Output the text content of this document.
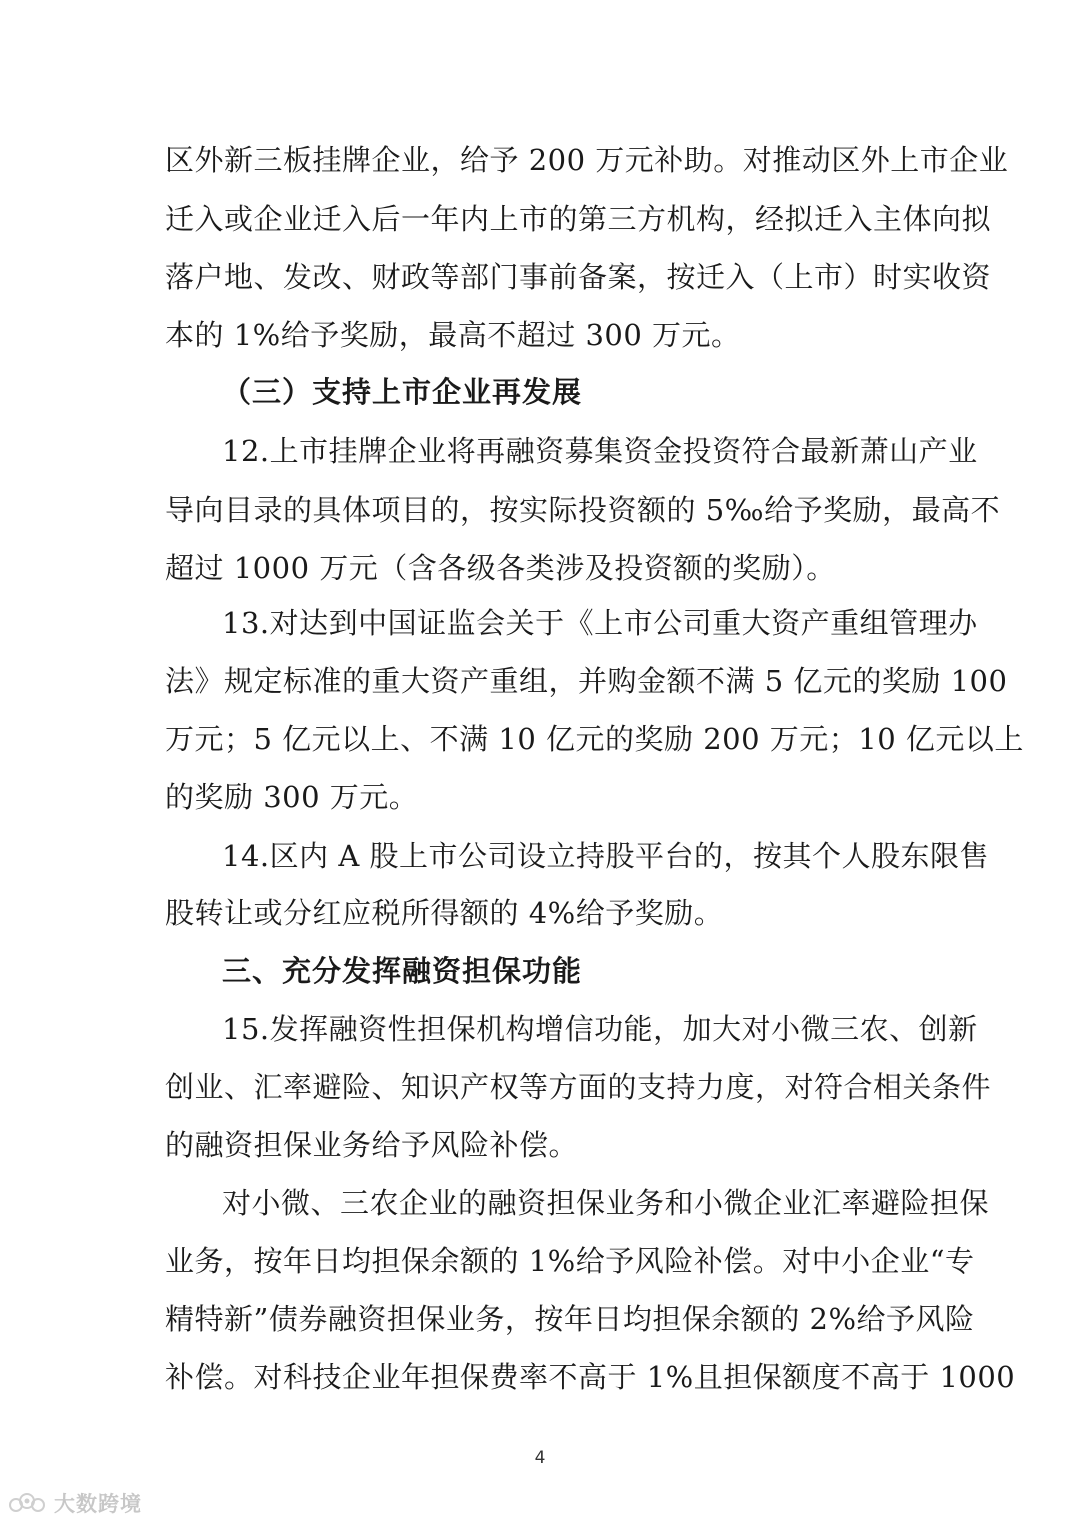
区外新三板挂牌企业，给予 200 万元补助。对推动区外上市企业
迁入或企业迁入后一年内上市的第三方机构，经拟迁入主体向拟
落户地、发改、财政等部门事前备案，按迁入（上市）时实收资
本的 1%给予奖励，最高不超过 300 万元。
（三）支持上市企业再发展
12.上市挂牌企业将再融资募集资金投资符合最新萧山产业
导向目录的具体项目的，按实际投资额的 5‰给予奖励，最高不
超过 1000 万元（含各级各类涉及投资额的奖励）。
13.对达到中国证监会关于《上市公司重大资产重组管理办
法》规定标准的重大资产重组，并购金额不满 5 亿元的奖励 100
万元；5 亿元以上、不满 10 亿元的奖励 200 万元；10 亿元以上
的奖励 300 万元。
14.区内 A 股上市公司设立持股平台的，按其个人股东限售
股转让或分红应税所得额的 4%给予奖励。
三、充分发挥融资担保功能
15.发挥融资性担保机构增信功能，加大对小微三农、创新
创业、汇率避险、知识产权等方面的支持力度，对符合相关条件
的融资担保业务给予风险补偿。
对小微、三农企业的融资担保业务和小微企业汇率避险担保
业务，按年日均担保余额的 1%给予风险补偿。对中小企业“专
精特新”债券融资担保业务，按年日均担保余额的 2%给予风险
补偿。对科技企业年担保费率不高于 1%且担保额度不高于 1000
4
大数跨境
